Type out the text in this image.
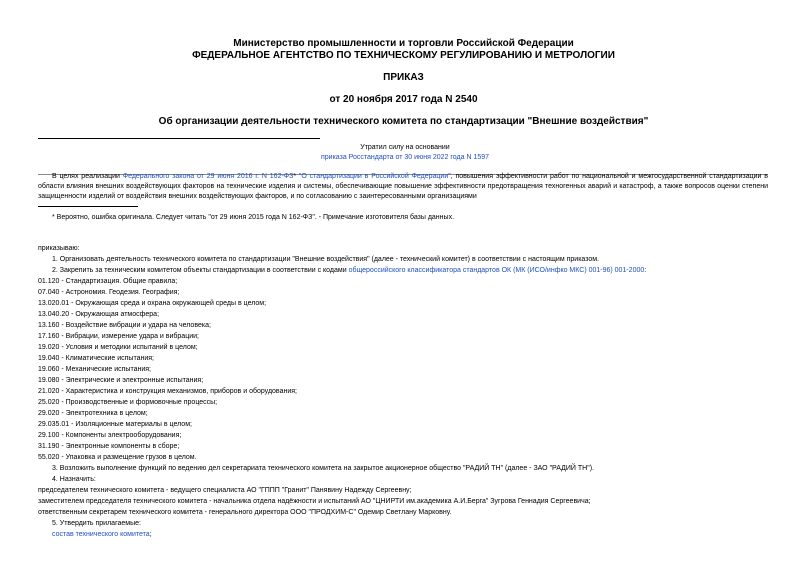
Министерство промышленности и торговли Российской Федерации
ФЕДЕРАЛЬНОЕ АГЕНТСТВО ПО ТЕХНИЧЕСКОМУ РЕГУЛИРОВАНИЮ И МЕТРОЛОГИИ
ПРИКАЗ
от 20 ноября 2017 года N 2540
Об организации деятельности технического комитета по стандартизации "Внешние воздействия"
Утратил силу на основании
приказа Росстандарта от 30 июня 2022 года N 1597
В целях реализации Федерального закона от 29 июня 2016 г. N 162-ФЗ* "О стандартизации в Российской Федерации", повышения эффективности работ по национальной и межгосударственной стандартизации в области влияния внешних воздействующих факторов на технические изделия и системы, обеспечивающие повышение эффективности предотвращения техногенных аварий и катастроф, а также вопросов оценки степени защищенности изделий от воздействия внешних воздействующих факторов, и по согласованию с заинтересованными организациями
* Вероятно, ошибка оригинала. Следует читать "от 29 июня 2015 года N 162-ФЗ". - Примечание изготовителя базы данных.
приказываю:
1. Организовать деятельность технического комитета по стандартизации "Внешние воздействия" (далее - технический комитет) в соответствии с настоящим приказом.
2. Закрепить за техническим комитетом объекты стандартизации в соответствии с кодами общероссийского классификатора стандартов ОК (МК (ИСО/инфко МКС) 001-96) 001-2000:
01.120 - Стандартизация. Общие правила;
07.040 - Астрономия. Геодезия. География;
13.020.01 - Окружающая среда и охрана окружающей среды в целом;
13.040.20 - Окружающая атмосфера;
13.160 - Воздействие вибрации и удара на человека;
17.160 - Вибрации, измерение удара и вибрации;
19.020 - Условия и методики испытаний в целом;
19.040 - Климатические испытания;
19.060 - Механические испытания;
19.080 - Электрические и электронные испытания;
21.020 - Характеристика и конструкция механизмов, приборов и оборудования;
25.020 - Производственные и формовочные процессы;
29.020 - Электротехника в целом;
29.035.01 - Изоляционные материалы в целом;
29.100 - Компоненты электрооборудования;
31.190 - Электронные компоненты в сборе;
55.020 - Упаковка и размещение грузов в целом.
3. Возложить выполнение функций по ведению дел секретариата технического комитета на закрытое акционерное общество "РАДИЙ ТН" (далее - ЗАО "РАДИЙ ТН").
4. Назначить:
председателем технического комитета - ведущего специалиста АО "ГППП "Гранит" Панявину Надежду Сергеевну;
заместителем председателя технического комитета - начальника отдела надёжности и испытаний АО "ЦНИРТИ им.академика А.И.Берга" Зугрова Геннадия Сергеевича;
ответственным секретарем технического комитета - генерального директора ООО "ПРОДХИМ-С" Одемир Светлану Марковну.
5. Утвердить прилагаемые:
состав технического комитета;
